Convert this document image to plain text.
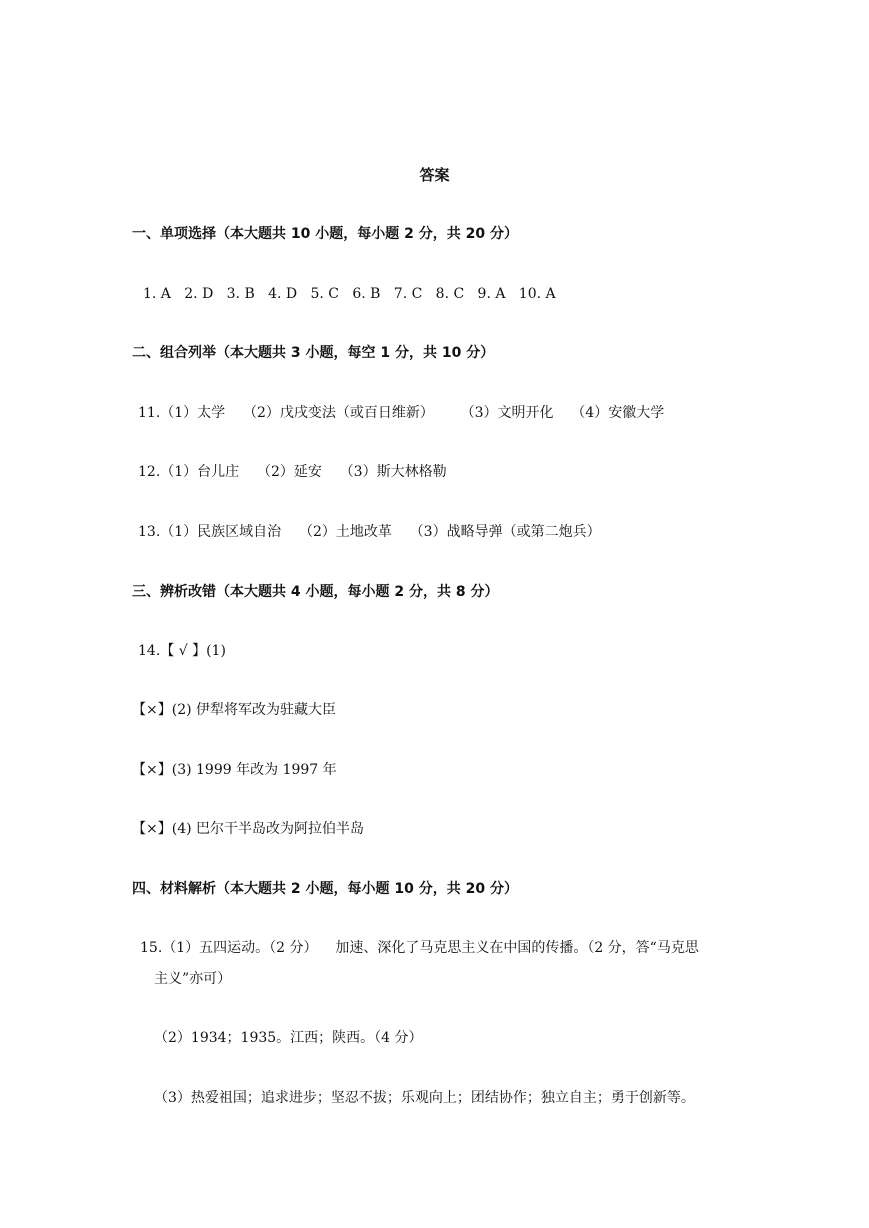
答案
一、单项选择（本大题共 10 小题，每小题 2 分，共 20 分）
1. A   2. D   3. B   4. D   5. C   6. B   7. C   8. C   9. A   10. A
二、组合列举（本大题共 3 小题，每空 1 分，共 10 分）
11.（1）太学    （2）戊戌变法（或百日维新）      （3）文明开化    （4）安徽大学
12.（1）台儿庄    （2）延安    （3）斯大林格勒
13.（1）民族区域自治    （2）土地改革    （3）战略导弹（或第二炮兵）
三、辨析改错（本大题共 4 小题，每小题 2 分，共 8 分）
14.【 √ 】(1)
【×】(2) 伊犁将军改为驻藏大臣
【×】(3) 1999 年改为 1997 年
【×】(4) 巴尔干半岛改为阿拉伯半岛
四、材料解析（本大题共 2 小题，每小题 10 分，共 20 分）
15.（1）五四运动。（2 分）    加速、深化了马克思主义在中国的传播。（2 分，答“马克思
主义”亦可）
（2）1934；1935。江西；陕西。（4 分）
（3）热爱祖国；追求进步；坚忍不拔；乐观向上；团结协作；独立自主；勇于创新等。
